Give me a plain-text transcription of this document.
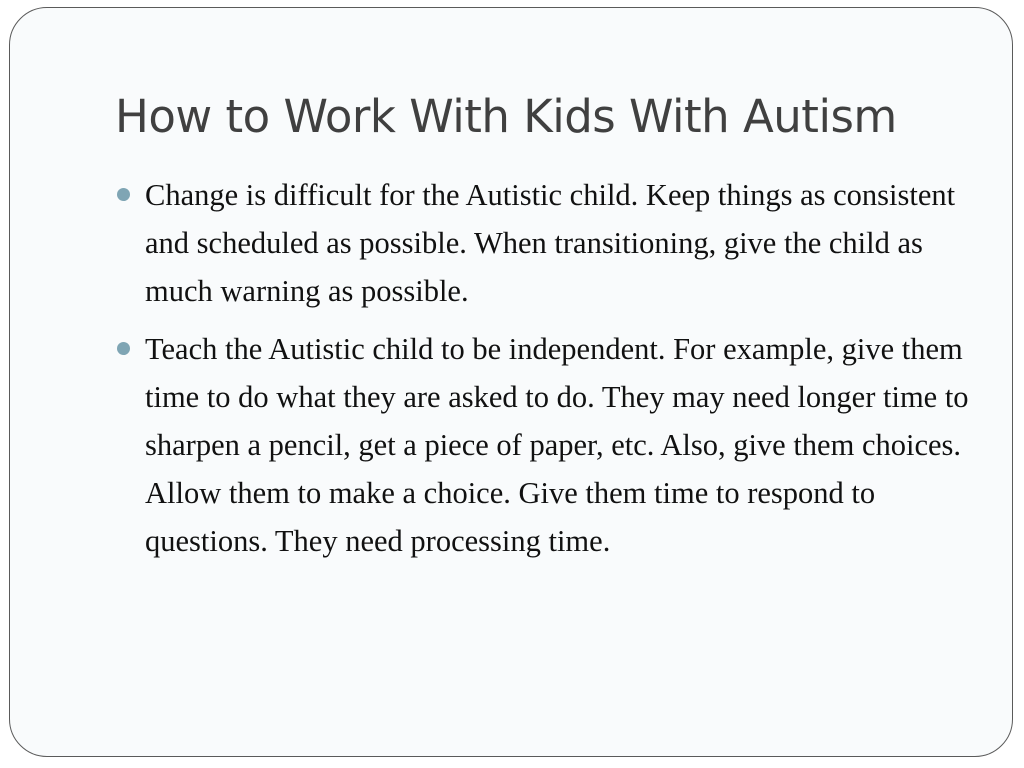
How to Work With Kids With Autism
Change is difficult for the Autistic child. Keep things as consistent and scheduled as possible. When transitioning, give the child as much warning as possible.
Teach the Autistic child to be independent. For example, give them time to do what they are asked to do. They may need longer time to sharpen a pencil, get a piece of paper, etc. Also, give them choices. Allow them to make a choice. Give them time to respond to questions. They need processing time.
